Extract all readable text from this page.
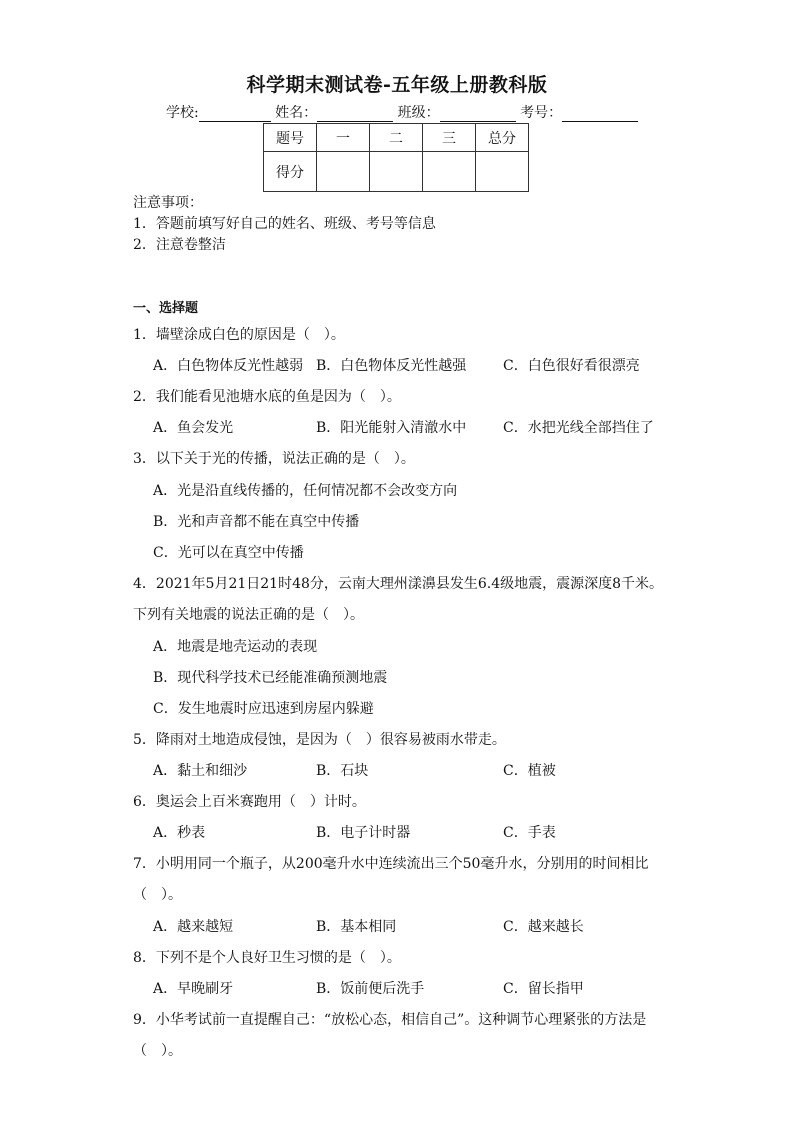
科学期末测试卷-五年级上册教科版
学校:	姓名：	班级：	考号：
题号	一	二	三	总分
得分				
注意事项：
1．答题前填写好自己的姓名、班级、考号等信息
2．注意卷整洁
一、选择题
1．墙壁涂成白色的原因是（　）。
A．白色物体反光性越弱 B．白色物体反光性越强	C．白色很好看很漂亮
2．我们能看见池塘水底的鱼是因为（　）。
A．鱼会发光	B．阳光能射入清澈水中	C．水把光线全部挡住了
3．以下关于光的传播，说法正确的是（　）。
A．光是沿直线传播的，任何情况都不会改变方向
B．光和声音都不能在真空中传播
C．光可以在真空中传播
4．2021年5月21日21时48分，云南大理州漾濞县发生6.4级地震，震源深度8千米。
下列有关地震的说法正确的是（　）。
A．地震是地壳运动的表现
B．现代科学技术已经能准确预测地震
C．发生地震时应迅速到房屋内躲避
5．降雨对土地造成侵蚀，是因为（　）很容易被雨水带走。
A．黏土和细沙	B．石块	C．植被
6．奥运会上百米赛跑用（　）计时。
A．秒表	B．电子计时器	C．手表
7．小明用同一个瓶子，从200毫升水中连续流出三个50毫升水，分别用的时间相比
（　）。
A．越来越短	B．基本相同	C．越来越长
8．下列不是个人良好卫生习惯的是（　）。
A．早晚刷牙	B．饭前便后洗手	C．留长指甲
9．小华考试前一直提醒自己：“放松心态，相信自己”。这种调节心理紧张的方法是
（　）。
